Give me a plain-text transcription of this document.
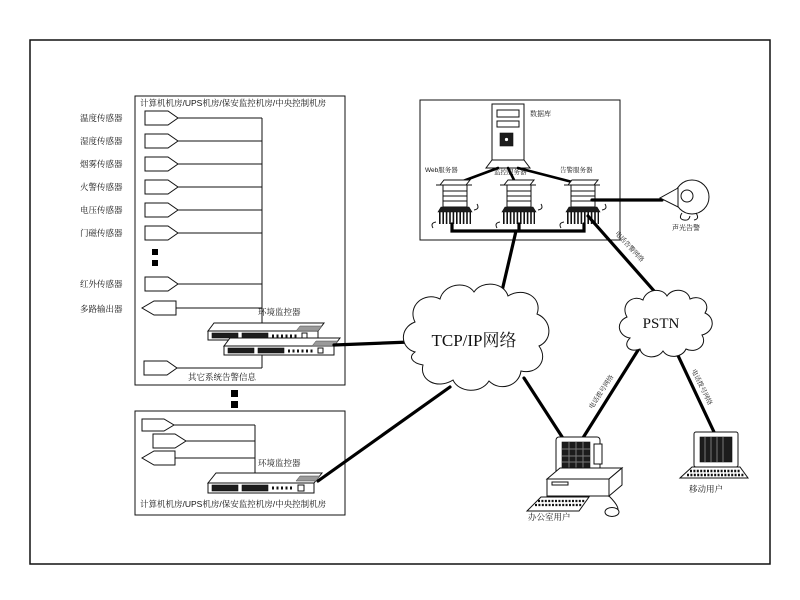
计算机机房/UPS机房/保安监控机房/中央控制机房
温度传感器
湿度传感器
烟雾传感器
火警传感器
电压传感器
门磁传感器
红外传感器
多路输出器	环境监控器
其它系统告警信息
环境监控器
计算机机房/UPS机房/保安监控机房/中央控制机房
数据库
Web服务器	监控服务器	告警服务器
声光告警
电话告警网络
电话拨号网络	电话拨号网络
TCP/IP网络
PSTN
办公室用户
移动用户
